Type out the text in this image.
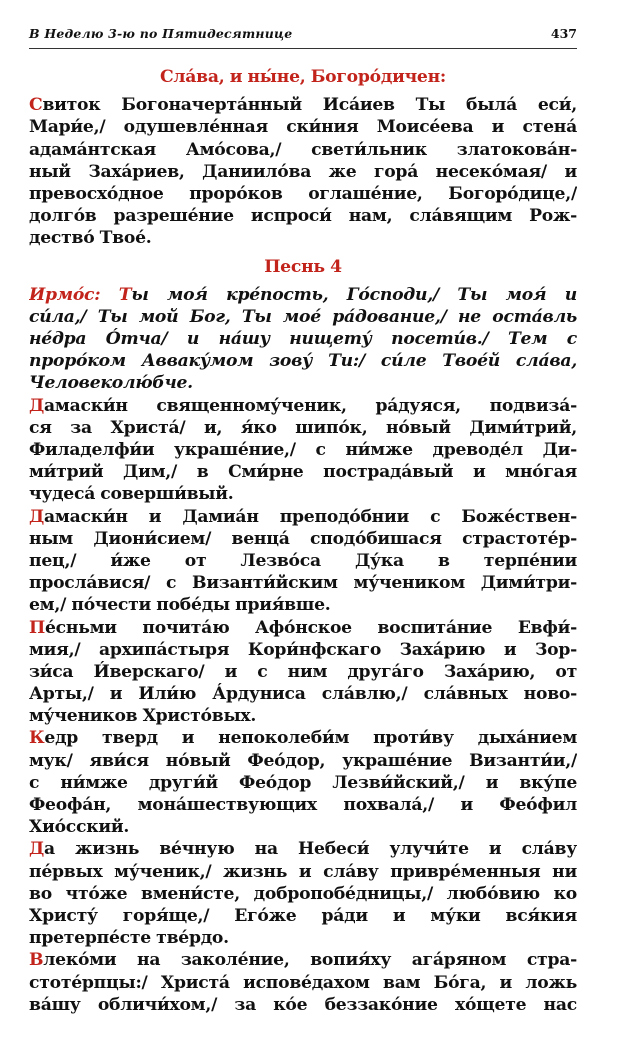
В Неделю 3-ю по Пятидесятнице	437
Сла́ва, и ны́не, Богоро́дичен:
Свиток Богоначерта́нный Иса́иев Ты была́ еси́,
Мари́е,/ одушевле́нная ски́ния Моисе́ева и стена́
адама́нтская Амо́сова,/ свети́льник златокова́н-
ный Заха́риев, Даниило́ва же гора́ несеко́мая/ и
превосхо́дное проро́ков оглаше́ние, Богоро́дице,/
долго́в разреше́ние испроси́ нам, сла́вящим Рож-
дество́ Твое́.
Песнь 4
Ирмо́с: Ты моя́ кре́пость, Го́споди,/ Ты моя́ и
си́ла,/ Ты мой Бог, Ты мое́ ра́дование,/ не оста́вль
не́дра О́тча/ и на́шу нищету́ посети́в./ Тем с
проро́ком Авваку́мом зову́ Ти:/ си́ле Твое́й сла́ва,
Человеколю́бче.
Дамаски́н священному́ченик, ра́дуяся, подвиза́-
ся за Христа́/ и, я́ко шипо́к, но́вый Дими́трий,
Филаделфи́и украше́ние,/ с ни́мже древоде́л Ди-
ми́трий Дим,/ в Сми́рне пострада́вый и мно́гая
чудеса́ соверши́вый.
Дамаски́н и Дамиа́н преподо́бнии с Боже́ствен-
ным Диони́сием/ венца́ сподо́бишася страстоте́р-
пец,/ и́же от Лезво́са Ду́ка в терпе́нии
просла́вися/ с Византи́йским му́чеником Дими́три-
ем,/ по́чести побе́ды прия́вше.
Пе́сньми почита́ю Афо́нское воспита́ние Евфи́-
мия,/ архипа́стыря Кори́нфскаго Заха́рию и Зор-
зи́са И́верскаго/ и с ним друга́го Заха́рию, от
Арты,/ и Или́ю А́рдуниса сла́влю,/ сла́вных ново-
му́чеников Христо́вых.
Кедр тверд и непоколеби́м проти́ву дыха́нием
мук/ яви́ся но́вый Фео́дор, украше́ние Византи́и,/
с ни́мже други́й Фео́дор Лезви́йский,/ и вку́пе
Феофа́н, мона́шествующих похвала́,/ и Фео́фил
Хио́сский.
Да жизнь ве́чную на Небеси́ улучи́те и сла́ву
пе́рвых му́ченик,/ жизнь и сла́ву привре́менныя ни
во что́же вмени́сте, добропобе́дницы,/ любо́вию ко
Христу́ горя́ще,/ Его́же ра́ди и му́ки вся́кия
претерпе́сте тве́рдо.
Влеко́ми на заколе́ние, вопия́ху ага́ряном стра-
стоте́рпцы:/ Христа́ испове́дахом вам Бо́га, и ложь
ва́шу обличи́хом,/ за ко́е беззако́ние хо́щете нас
